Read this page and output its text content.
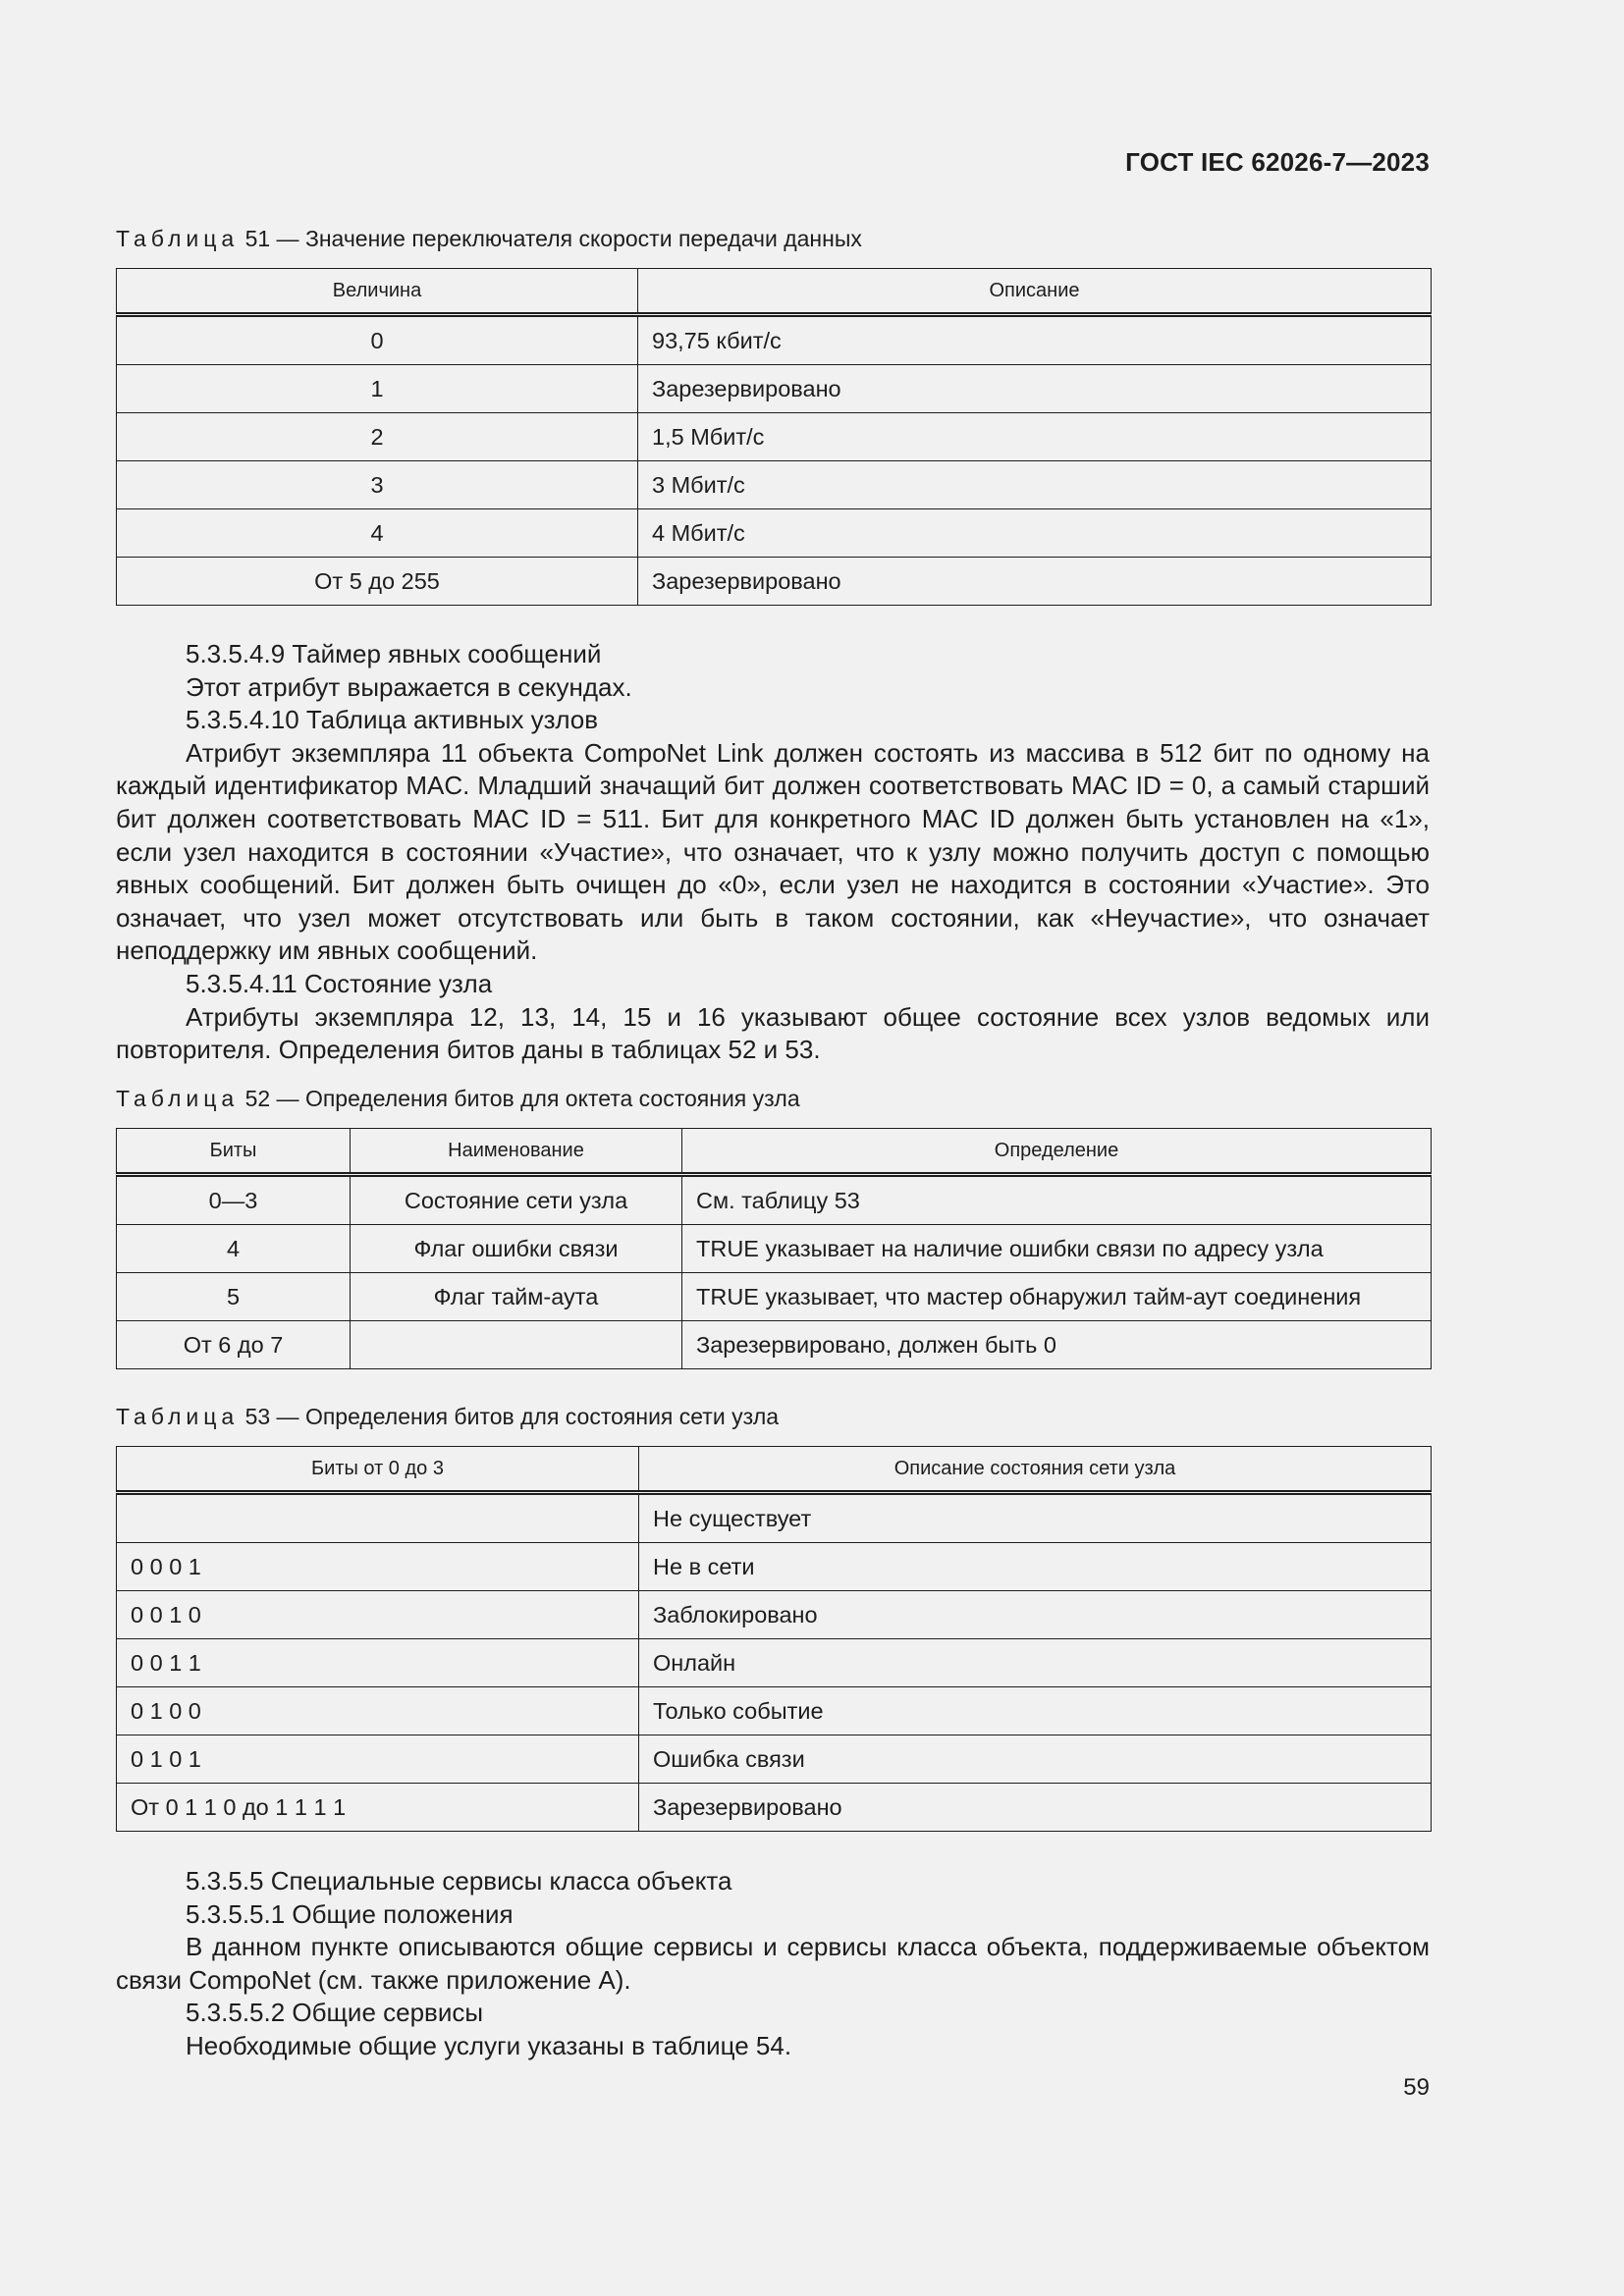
ГОСТ IEC 62026-7—2023
Таблица 51 — Значение переключателя скорости передачи данных
Величина	Описание
0	93,75 кбит/с
1	Зарезервировано
2	1,5 Мбит/с
3	3 Мбит/с
4	4 Мбит/с
От 5 до 255	Зарезервировано

5.3.5.4.9 Таймер явных сообщений

Этот атрибут выражается в секундах.

5.3.5.4.10 Таблица активных узлов

Атрибут экземпляра 11 объекта CompoNet Link должен состоять из массива в 512 бит по одному на каждый идентификатор MAC. Младший значащий бит должен соответствовать MAC ID = 0, а самый старший бит должен соответствовать MAC ID = 511. Бит для конкретного MAC ID должен быть установлен на «1», если узел находится в состоянии «Участие», что означает, что к узлу можно получить доступ с помощью явных сообщений. Бит должен быть очищен до «0», если узел не находится в состоянии «Участие». Это означает, что узел может отсутствовать или быть в таком состоянии, как «Неучастие», что означает неподдержку им явных сообщений.

5.3.5.4.11 Состояние узла

Атрибуты экземпляра 12, 13, 14, 15 и 16 указывают общее состояние всех узлов ведомых или повторителя. Определения битов даны в таблицах 52 и 53.

Таблица 52 — Определения битов для октета состояния узла
Биты	Наименование	Определение
0—3	Состояние сети узла	См. таблицу 53
4	Флаг ошибки связи	TRUE указывает на наличие ошибки связи по адресу узла
5	Флаг тайм-аута	TRUE указывает, что мастер обнаружил тайм-аут соединения
От 6 до 7		Зарезервировано, должен быть 0
Таблица 53 — Определения битов для состояния сети узла
Биты от 0 до 3	Описание состояния сети узла
	Не существует
0 0 0 1	Не в сети
0 0 1 0	Заблокировано
0 0 1 1	Онлайн
0 1 0 0	Только событие
0 1 0 1	Ошибка связи
От 0 1 1 0 до 1 1 1 1	Зарезервировано

5.3.5.5 Специальные сервисы класса объекта

5.3.5.5.1 Общие положения

В данном пункте описываются общие сервисы и сервисы класса объекта, поддерживаемые объектом связи CompoNet (см. также приложение А).

5.3.5.5.2 Общие сервисы

Необходимые общие услуги указаны в таблице 54.

59
